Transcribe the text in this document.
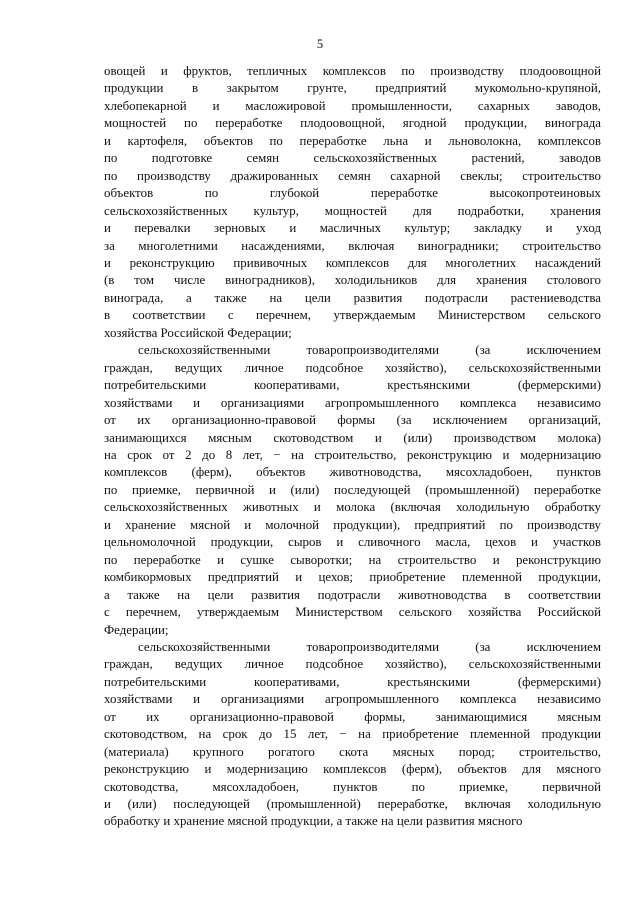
5

овощей и фруктов, тепличных комплексов по производству плодоовощной
продукции в закрытом грунте, предприятий мукомольно-крупяной,
хлебопекарной и масложировой промышленности, сахарных заводов,
мощностей по переработке плодоовощной, ягодной продукции, винограда
и картофеля, объектов по переработке льна и льноволокна, комплексов
по подготовке семян сельскохозяйственных растений, заводов
по производству дражированных семян сахарной свеклы; строительство
объектов по глубокой переработке высокопротеиновых
сельскохозяйственных культур, мощностей для подработки, хранения
и перевалки зерновых и масличных культур; закладку и уход
за многолетними насаждениями, включая виноградники; строительство
и реконструкцию прививочных комплексов для многолетних насаждений
(в том числе виноградников), холодильников для хранения столового
винограда, а также на цели развития подотрасли растениеводства
в соответствии с перечнем, утверждаемым Министерством сельского
хозяйства Российской Федерации;

сельскохозяйственными товаропроизводителями (за исключением
граждан, ведущих личное подсобное хозяйство), сельскохозяйственными
потребительскими кооперативами, крестьянскими (фермерскими)
хозяйствами и организациями агропромышленного комплекса независимо
от их организационно-правовой формы (за исключением организаций,
занимающихся мясным скотоводством и (или) производством молока)
на срок от 2 до 8 лет, − на строительство, реконструкцию и модернизацию
комплексов (ферм), объектов животноводства, мясохладобоен, пунктов
по приемке, первичной и (или) последующей (промышленной) переработке
сельскохозяйственных животных и молока (включая холодильную обработку
и хранение мясной и молочной продукции), предприятий по производству
цельномолочной продукции, сыров и сливочного масла, цехов и участков
по переработке и сушке сыворотки; на строительство и реконструкцию
комбикормовых предприятий и цехов; приобретение племенной продукции,
а также на цели развития подотрасли животноводства в соответствии
с перечнем, утверждаемым Министерством сельского хозяйства Российской
Федерации;

сельскохозяйственными товаропроизводителями (за исключением
граждан, ведущих личное подсобное хозяйство), сельскохозяйственными
потребительскими кооперативами, крестьянскими (фермерскими)
хозяйствами и организациями агропромышленного комплекса независимо
от их организационно-правовой формы, занимающимися мясным
скотоводством, на срок до 15 лет, − на приобретение племенной продукции
(материала) крупного рогатого скота мясных пород; строительство,
реконструкцию и модернизацию комплексов (ферм), объектов для мясного
скотоводства, мясохладобоен, пунктов по приемке, первичной
и (или) последующей (промышленной) переработке, включая холодильную
обработку и хранение мясной продукции, а также на цели развития мясного
